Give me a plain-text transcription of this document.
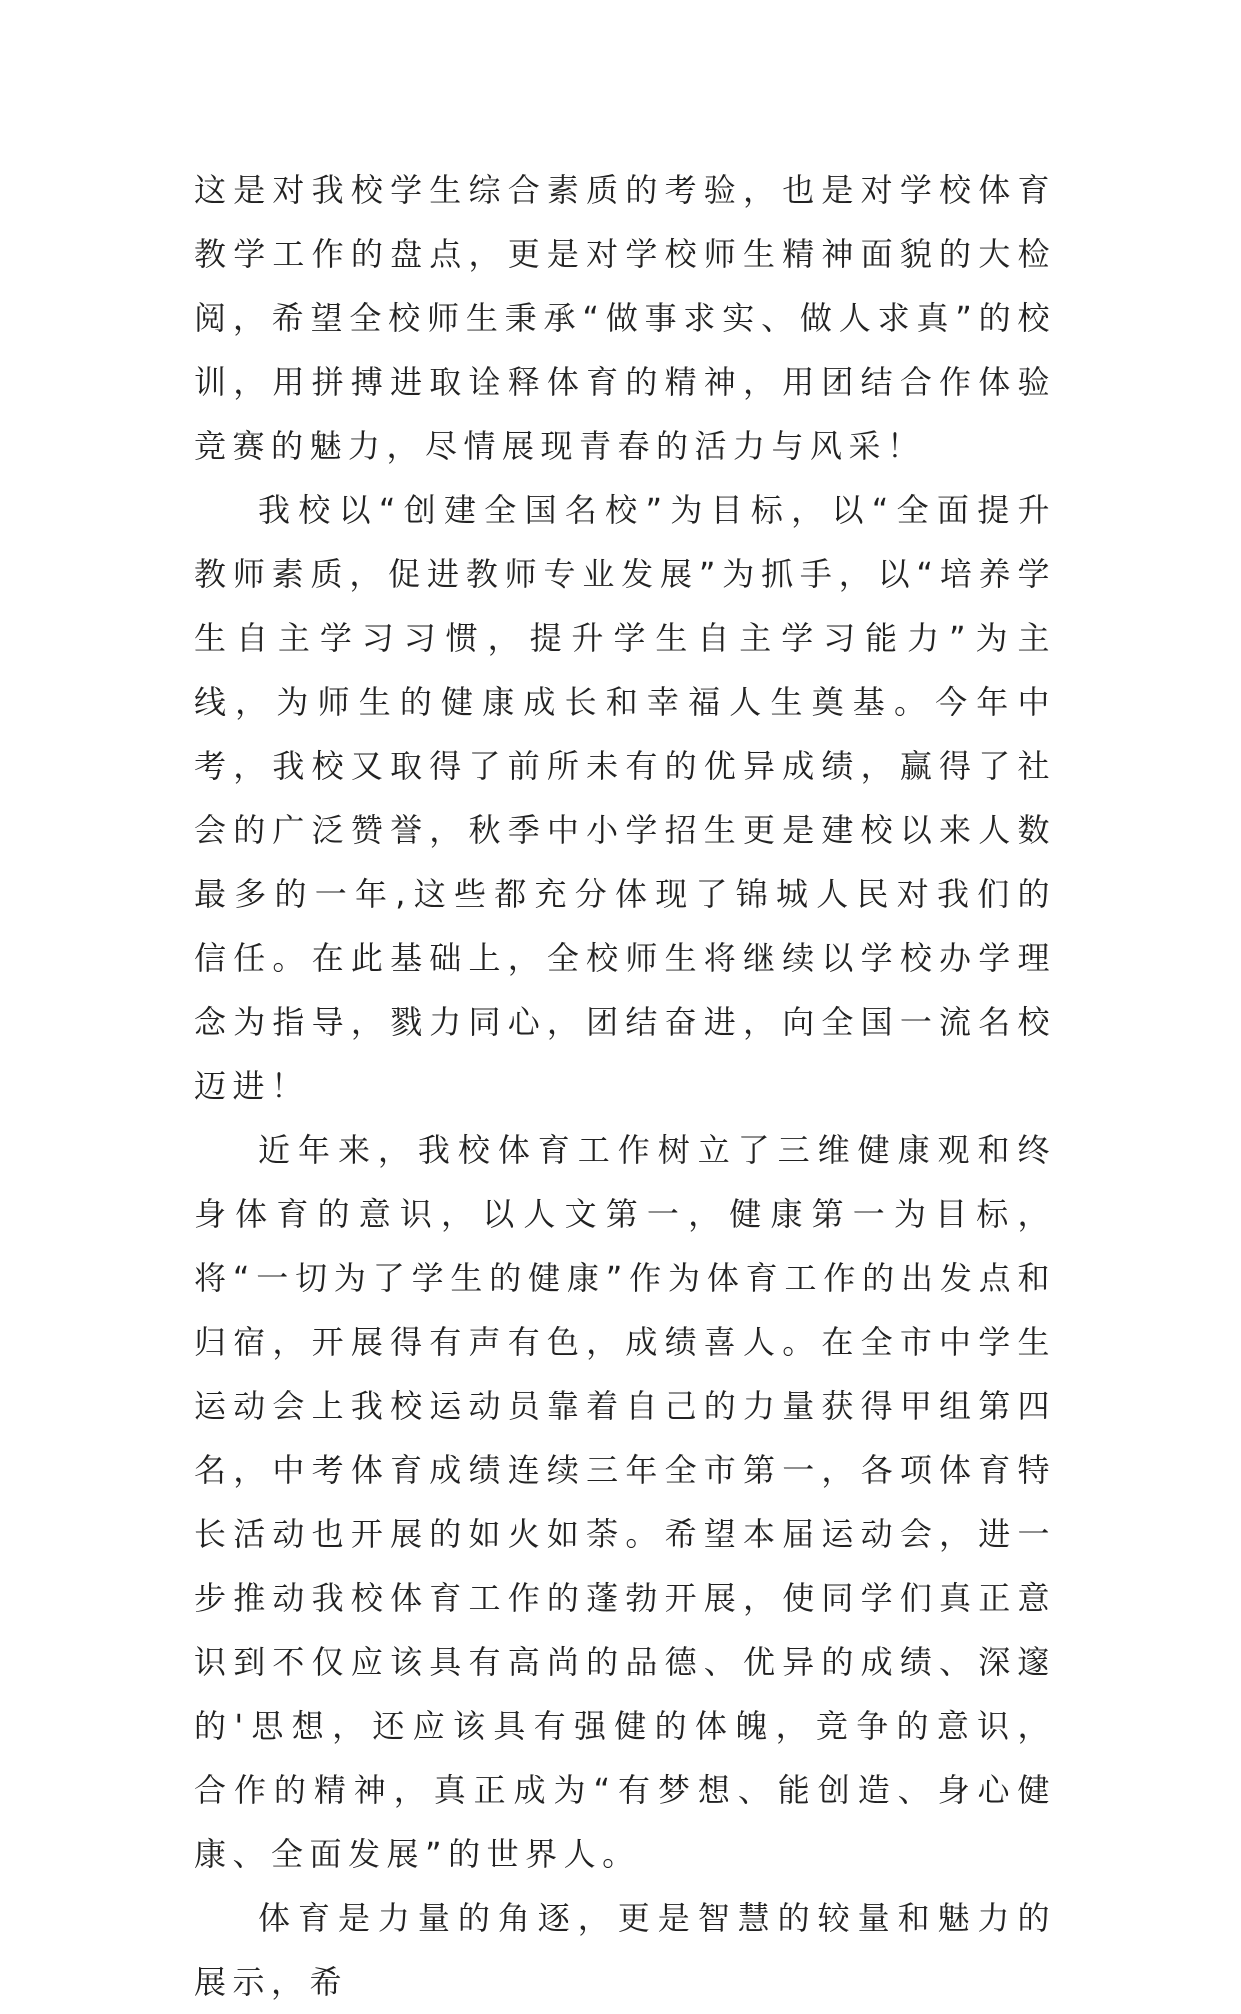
这是对我校学生综合素质的考验，也是对学校体育教学工作的盘点，更是对学校师生精神面貌的大检阅，希望全校师生秉承“做事求实、做人求真”的校训，用拼搏进取诠释体育的精神，用团结合作体验竞赛的魅力，尽情展现青春的活力与风采！

我校以“创建全国名校”为目标，以“全面提升教师素质，促进教师专业发展”为抓手，以“培养学生自主学习习惯，提升学生自主学习能力”为主线，为师生的健康成长和幸福人生奠基。今年中考，我校又取得了前所未有的优异成绩，赢得了社会的广泛赞誉，秋季中小学招生更是建校以来人数最多的一年,这些都充分体现了锦城人民对我们的信任。在此基础上，全校师生将继续以学校办学理念为指导，戮力同心，团结奋进，向全国一流名校迈进！

近年来，我校体育工作树立了三维健康观和终身体育的意识，以人文第一，健康第一为目标，将“一切为了学生的健康”作为体育工作的出发点和归宿，开展得有声有色，成绩喜人。在全市中学生运动会上我校运动员靠着自己的力量获得甲组第四名，中考体育成绩连续三年全市第一，各项体育特长活动也开展的如火如荼。希望本届运动会，进一步推动我校体育工作的蓬勃开展，使同学们真正意识到不仅应该具有高尚的品德、优异的成绩、深邃的'思想，还应该具有强健的体魄，竞争的意识，合作的精神，真正成为“有梦想、能创造、身心健康、全面发展”的世界人。

体育是力量的角逐，更是智慧的较量和魅力的展示，希
